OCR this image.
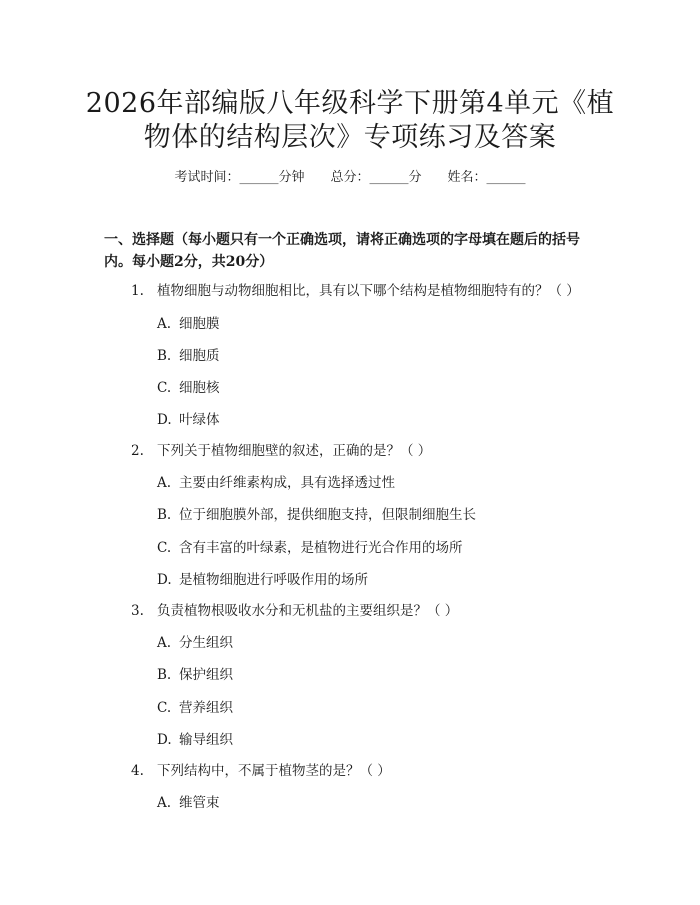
2026年部编版八年级科学下册第4单元《植
物体的结构层次》专项练习及答案
考试时间：______分钟 总分：______分 姓名：______
一、选择题（每小题只有一个正确选项，请将正确选项的字母填在题后的括号
内。每小题2分，共20分）
1. 植物细胞与动物细胞相比，具有以下哪个结构是植物细胞特有的？（ ）
A. 细胞膜
B. 细胞质
C. 细胞核
D. 叶绿体
2. 下列关于植物细胞壁的叙述，正确的是？（ ）
A. 主要由纤维素构成，具有选择透过性
B. 位于细胞膜外部，提供细胞支持，但限制细胞生长
C. 含有丰富的叶绿素，是植物进行光合作用的场所
D. 是植物细胞进行呼吸作用的场所
3. 负责植物根吸收水分和无机盐的主要组织是？（ ）
A. 分生组织
B. 保护组织
C. 营养组织
D. 输导组织
4. 下列结构中，不属于植物茎的是？（ ）
A. 维管束
